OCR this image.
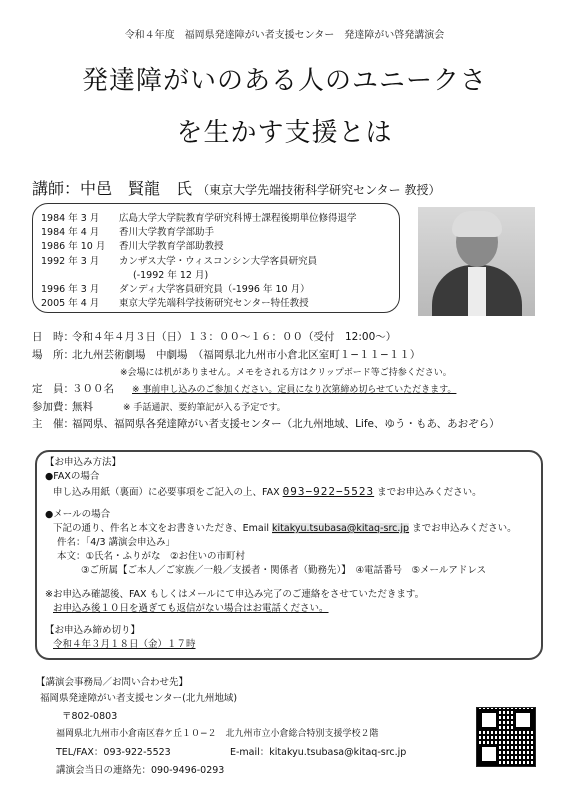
令和４年度　福岡県発達障がい者支援センター　発達障がい啓発講演会
発達障がいのある人のユニークさ
を生かす支援とは
講師：中邑　賢龍　氏 （東京大学先端技術科学研究センター 教授）
1984 年 3 月	広島大学大学院教育学研究科博士課程後期単位修得退学
1984 年 4 月	香川大学教育学部助手
1986 年 10 月	香川大学教育学部助教授
1992 年 3 月	カンザス大学・ウィスコンシン大学客員研究員
(-1992 年 12 月)
1996 年 3 月	ダンディ大学客員研究員（-1996 年 10 月）
2005 年 4 月	東京大学先端科学技術研究センター特任教授
日　時：令和４年４月３日（日）１３：００〜１６：００（受付　12:00〜）
場　所：北九州芸術劇場　中劇場　（福岡県北九州市小倉北区室町１−１１−１１）
※会場には机がありません。メモをされる方はクリップボード等ご持参ください。
定　員：３００名 ※ 事前申し込みのご参加ください。定員になり次第締め切らせていただきます。
参加費：無料	※ 手話通訳、要約筆記が入る予定です。
主　催：福岡県、福岡県各発達障がい者支援センター（北九州地域、Life、ゆう・もあ、あおぞら）
【お申込み方法】
●FAXの場合
申し込み用紙（裏面）に必要事項をご記入の上、FAX 093−922−5523 までお申込みください。
●メールの場合
下記の通り、件名と本文をお書きいただき、Email kitakyu.tsubasa@kitaq-src.jp までお申込みください。
件名：「4/3 講演会申込み」
本文：①氏名・ふりがな　②お住いの市町村
③ご所属【ご本人／ご家族／一般／支援者・関係者（勤務先）】　④電話番号　⑤メールアドレス
※お申込み確認後、FAX もしくはメールにて申込み完了のご連絡をさせていただきます。
お申込み後１０日を過ぎても返信がない場合はお電話ください。
【お申込み締め切り】
令和４年３月１８日（金）１７時
【講演会事務局／お問い合わせ先】
福岡県発達障がい者支援センター(北九州地域)
〒802-0803
福岡県北九州市小倉南区春ケ丘１０−２　北九州市立小倉総合特別支援学校２階
TEL/FAX：093-922-5523	E-mail：kitakyu.tsubasa@kitaq-src.jp
講演会当日の連絡先：090-9496-0293
